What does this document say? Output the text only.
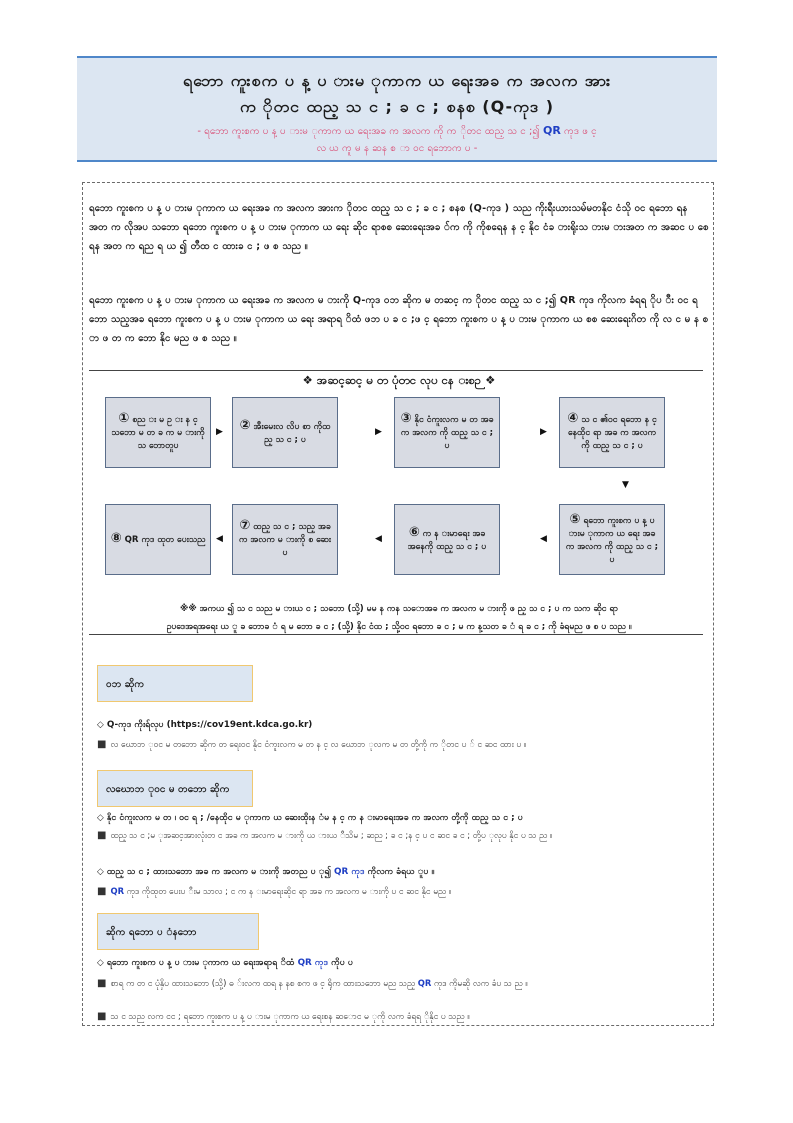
ရဘော ကူးစက ပ န့ ပ ား‌မ ုကာက ယ ရေးအခ က အလက အား
က ိုတင ထည့ သ င ; ခ င ; စနစ (Q-ကုဒ )
- ရဘော ကူးစက ပ န့ ပ ား‌မ ုကာက ယ ရေးအခ က အလက ကို က ိုတင ထည့ သ င ;၍ QR ကုဒ ဖ င့
လ ယ ကူ မ န ဆန စ ာ ဝင ရဘောက ပ -
ရဘော ကူးစက ပ န့ ပ ား‌မ ုကာက ယ ရေးအခ က အလက အားက ိုတင ထည့ သ င ; ခ င ; စနစ (Q-ကုဒ ) သည ကိုးရီးယားသမ်မတနိုင ငံသို ဝင ရဘော ရန အတ က လိုအပ သဘော ရဘော ကူးစက ပ န့ ပ ား‌မ ုကာက ယ ရေး ဆိုင ရာစစ ဆေးရေးအခ ်က ကို ကို‌စရေန န င့ နိုင ငံခ ားရိုးသ ားမ ားအတ က အဆင ပ ‌စေရန အတ က ရည ရ ယ ၍ တီထ င ထား‌ခ င ; ဖ စ သည ။
ရဘော ကူးစက ပ န့ ပ ား‌မ ုကာက ယ ရေးအခ က အလက မ ား‌ကို Q-ကုဒ ဝဘ ဆိုက မ တဆင့ က ိုတင ထည့ သ င ;၍ QR ကုဒ ကိုလက ခံရရ ိုပ ီး ဝင ရဘော သည့အခ ရဘော ကူးစက ပ န့ ပ ား‌မ ုကာက ယ ရေး အရာရ ိထံ ဖဘ ပ ခ င ;ဖ င့ ရဘော ကူးစက ပ န့ ပ ား‌မ ုကာက ယ စစ ဆေးရေးဂိတ ကို လ င မ န စ ာ ဖ တ က ဘော နိုင မည ဖ စ သည ။
❖ အဆင့ဆင့ မ တ ပုံတင လုပ ငန းစဉ ❖
① စည း မ ဥ း န င့ သဘော မ တ ခ က မ ား‌ကို သ ဘော‌တူပ
▶ ② အီးမေးလ လိပ စာ ကိုထည့ သ င ; ပ
▶
③ နိုင ငံကူးလက မ တ အခ က အလက ကို ထည့ သ င ; ပ
▶
④ သ င ၏ဝင ရဘော န င့ နေထိုင ရာ အခ က အလက ကို ထည့ သ င ; ပ
▼
⑧ QR ကုဒ ထုတ ပေးသည ◀
⑦ ထည့ သ င ; သည့ အခ က အလက မ ား‌ကို စ ဆေးပ
◀	⑥ က န း‌မာရေး အခ အနေကို ထည့ သ င ; ပ
◀
⑤ ရဘော ကူးစက ပ န့ ပ ား‌မ ုကာက ယ ရေး အခ က အလက ကို ထည့ သ င ; ပ
※※ အကယ ၍ သ င သည မ ား‌ယ င ; သဘော (သို့) မမ န ကန သ‌ောအခ က အလက မ ား‌ကို ဖ ည့ သ င ; ပ က သက ဆိုင ရာ
ဥပဒေအရ‌အရေး ယ ူ ခ ဘောခ ံ ရ မ ဘော ခ င ; (သို့) နိုင ငံထ ; သို့ဝင ရဘော ခ င ; မ က န့သတ ခ ံ ရ ခ င ; ကို ခံရမည ဖ စ ပ သည ။
ဝဘ ဆိုက
◇ Q-ကုဒ ကိုးရ်လုပ (https://cov19ent.kdca.go.kr)
■ လ ဃောဘ ုဝင မ တဘော ဆိုက တ ရေးဝင နိုင ငံကူးလက မ တ န င့ လ ဃောဘ ုလက မ တ တို့ကို က ိုတင ပ ် င ဆင ထား ပ ။
လဃောဘ ုဝင မ တဘော ဆိုက
◇ နိုင ငံကူးလက မ တ ၊ ဝင ရ ; /နေထိုင မ ုကာက ယ ဆေးထိုးန ံ‌မ န င့ က န း‌မာရေး‌အခ က အလက တို့ကို ထည့ သ င ; ပ
■ ထည့ သ င ;မ ုအဆင့အား‌လုံး‌တ င အခ က အလက မ ား‌ကို ယ ားယ ီသိမ ; ဆည ; ခ င ;န င့ ပ င ဆင ခ င ; ‌တို့ပ ုလုပ နိုင ပ သ ည ။
◇ ထည့ သ င ; ထားသဘော အခ က အလက မ ား‌ကို အတည ပ ု၍ QR ကုဒ ကိုလက ခံရယ ူပ ။
■ QR ကုဒ ကိုထုတ ပေးပ ီး‌မ သာလ ; င က န း‌မာရေးဆိုင ရာ အခ က အလက မ ား‌ကို ပ င ဆင နိုင မည ။
ဆိုက ရဘော ပ ံ‌နဘော
◇ ရဘော ကူးစက ပ န့ ပ ား‌မ ုကာက ယ ရေးအရာရ ိထံ QR ကုဒ ကိုပ ပ
■ စာရ က တ င ပုံနှိပ ထားသဘော (သို့) ဓ ်းလက ထရ န နစ စက ဖ င့ ရိုက ထားသဘော မည သည့ QR ကုဒ ကို‌မဆို လက ခံပ သ ည ။
■ သ င သည လက ငင ; ရဘော ကူးစက ပ န့ ပ ား‌မ ုကာက ယ ရေး‌စန ဆ‌ောင ‌မ ုကို လက ခံရရ ိုနိုင ပ သည ။
